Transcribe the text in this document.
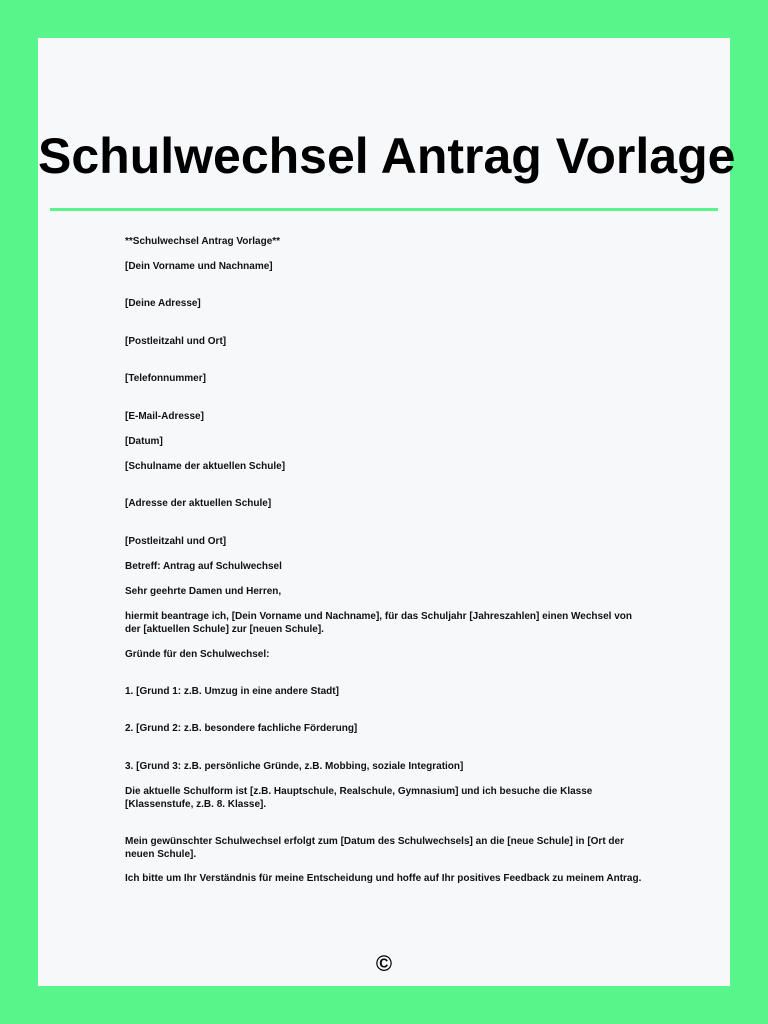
Schulwechsel Antrag Vorlage

**Schulwechsel Antrag Vorlage**

[Dein Vorname und Nachname]

[Deine Adresse]

[Postleitzahl und Ort]

[Telefonnummer]

[E-Mail-Adresse]

[Datum]

[Schulname der aktuellen Schule]

[Adresse der aktuellen Schule]

[Postleitzahl und Ort]

Betreff: Antrag auf Schulwechsel

Sehr geehrte Damen und Herren,

hiermit beantrage ich, [Dein Vorname und Nachname], für das Schuljahr [Jahreszahlen] einen Wechsel von der [aktuellen Schule] zur [neuen Schule].

Gründe für den Schulwechsel:

1. [Grund 1: z.B. Umzug in eine andere Stadt]

2. [Grund 2: z.B. besondere fachliche Förderung]

3. [Grund 3: z.B. persönliche Gründe, z.B. Mobbing, soziale Integration]

Die aktuelle Schulform ist [z.B. Hauptschule, Realschule, Gymnasium] und ich besuche die Klasse [Klassenstufe, z.B. 8. Klasse].

Mein gewünschter Schulwechsel erfolgt zum [Datum des Schulwechsels] an die [neue Schule] in [Ort der neuen Schule].

Ich bitte um Ihr Verständnis für meine Entscheidung und hoffe auf Ihr positives Feedback zu meinem Antrag.

©
